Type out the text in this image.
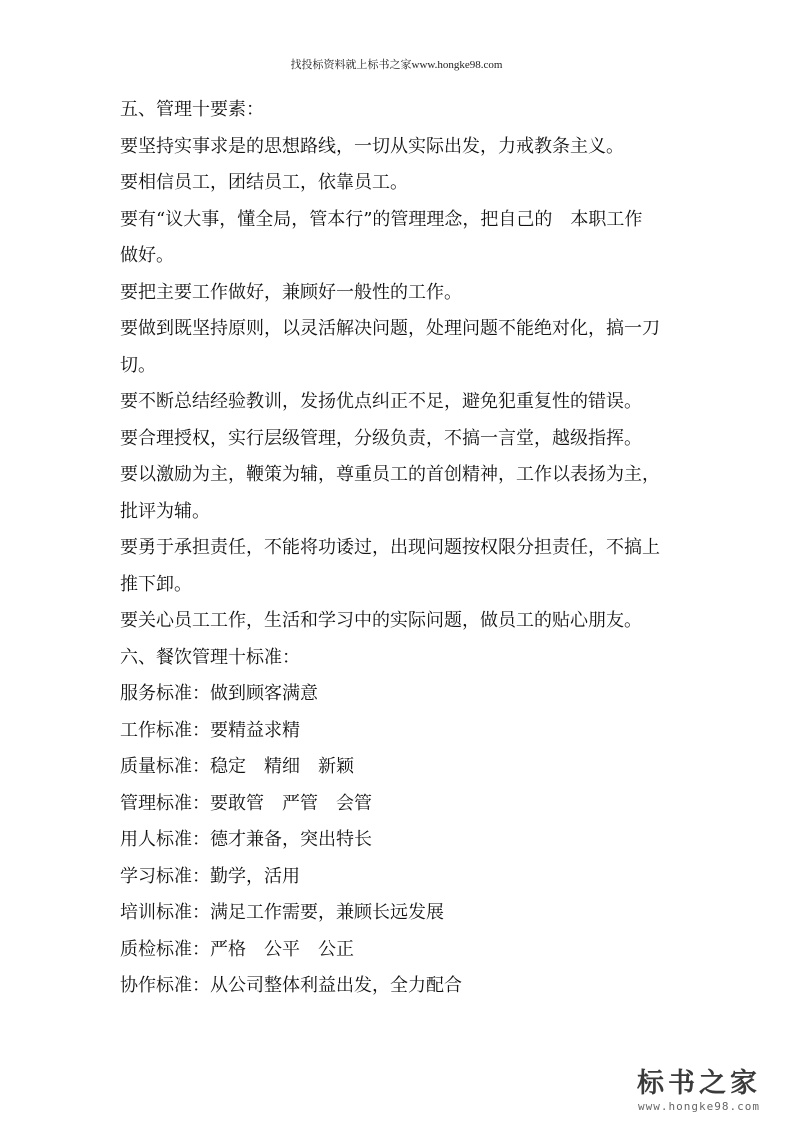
找投标资料就上标书之家www.hongke98.com

五、管理十要素：

要坚持实事求是的思想路线，一切从实际出发，力戒教条主义。

要相信员工，团结员工，依靠员工。

要有“议大事，懂全局，管本行”的管理理念，把自己的　本职工作

做好。

要把主要工作做好，兼顾好一般性的工作。

要做到既坚持原则，以灵活解决问题，处理问题不能绝对化，搞一刀

切。

要不断总结经验教训，发扬优点纠正不足，避免犯重复性的错误。

要合理授权，实行层级管理，分级负责，不搞一言堂，越级指挥。

要以激励为主，鞭策为辅，尊重员工的首创精神，工作以表扬为主，

批评为辅。

要勇于承担责任，不能将功诿过，出现问题按权限分担责任，不搞上

推下卸。

要关心员工工作，生活和学习中的实际问题，做员工的贴心朋友。

六、餐饮管理十标准：

服务标准：做到顾客满意

工作标准：要精益求精

质量标准：稳定　精细　新颖

管理标准：要敢管　严管　会管

用人标准：德才兼备，突出特长

学习标准：勤学，活用

培训标准：满足工作需要，兼顾长远发展

质检标准：严格　公平　公正

协作标准：从公司整体利益出发，全力配合

标书之家
www.hongke98.com
